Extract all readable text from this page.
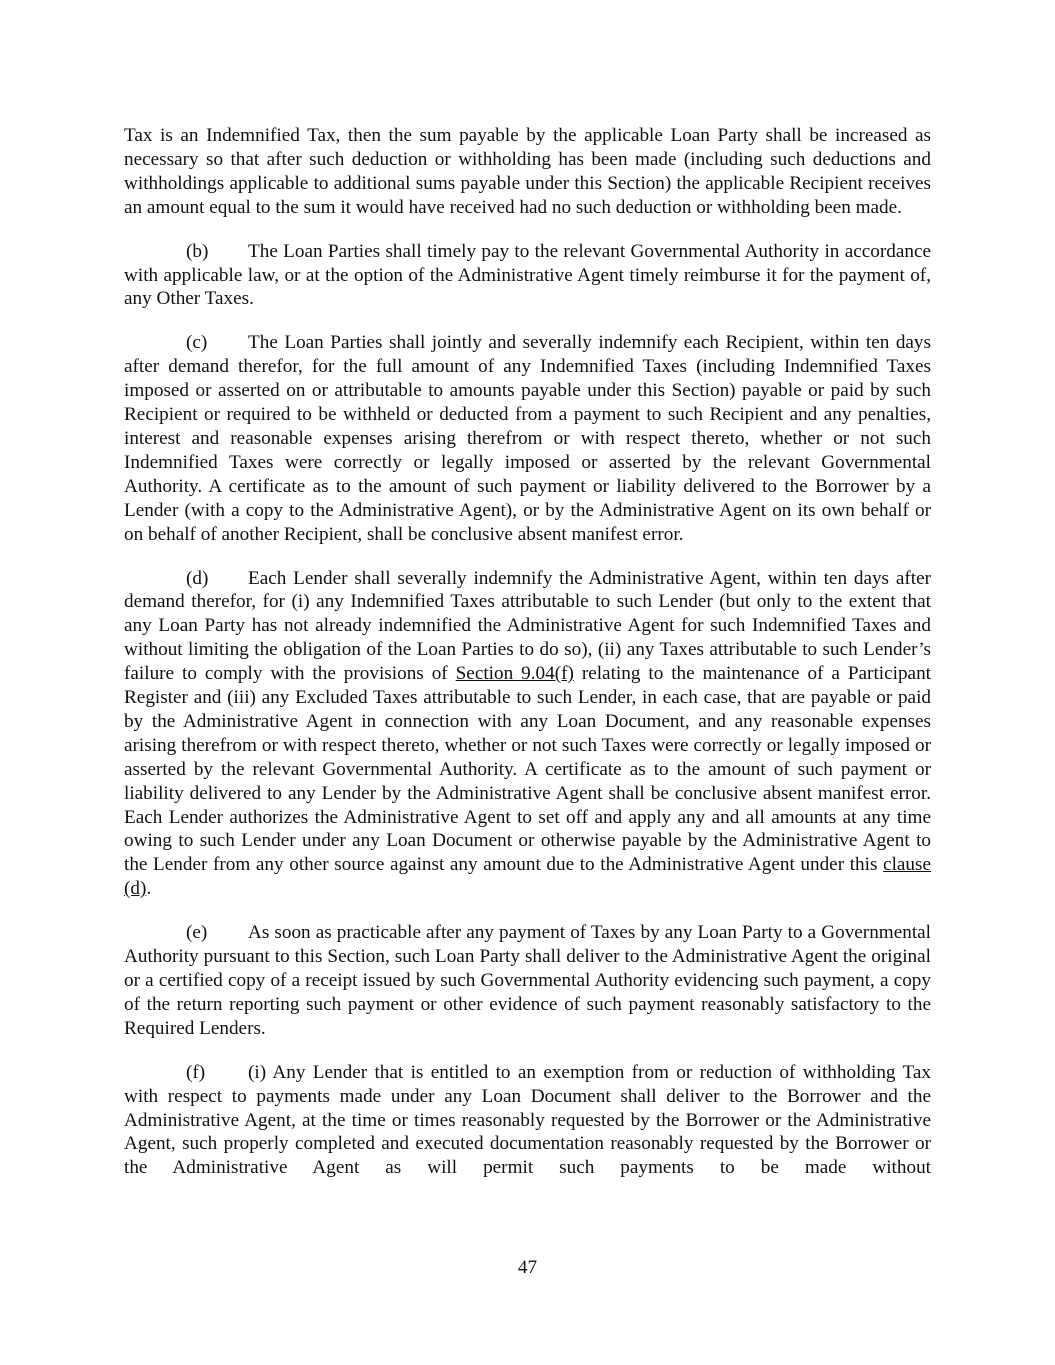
Tax is an Indemnified Tax, then the sum payable by the applicable Loan Party shall be increased as necessary so that after such deduction or withholding has been made (including such deductions and withholdings applicable to additional sums payable under this Section) the applicable Recipient receives an amount equal to the sum it would have received had no such deduction or withholding been made.

(b) The Loan Parties shall timely pay to the relevant Governmental Authority in accordance with applicable law, or at the option of the Administrative Agent timely reimburse it for the payment of, any Other Taxes.

(c) The Loan Parties shall jointly and severally indemnify each Recipient, within ten days after demand therefor, for the full amount of any Indemnified Taxes (including Indemnified Taxes imposed or asserted on or attributable to amounts payable under this Section) payable or paid by such Recipient or required to be withheld or deducted from a payment to such Recipient and any penalties, interest and reasonable expenses arising therefrom or with respect thereto, whether or not such Indemnified Taxes were correctly or legally imposed or asserted by the relevant Governmental Authority. A certificate as to the amount of such payment or liability delivered to the Borrower by a Lender (with a copy to the Administrative Agent), or by the Administrative Agent on its own behalf or on behalf of another Recipient, shall be conclusive absent manifest error.

(d) Each Lender shall severally indemnify the Administrative Agent, within ten days after demand therefor, for (i) any Indemnified Taxes attributable to such Lender (but only to the extent that any Loan Party has not already indemnified the Administrative Agent for such Indemnified Taxes and without limiting the obligation of the Loan Parties to do so), (ii) any Taxes attributable to such Lender’s failure to comply with the provisions of Section 9.04(f) relating to the maintenance of a Participant Register and (iii) any Excluded Taxes attributable to such Lender, in each case, that are payable or paid by the Administrative Agent in connection with any Loan Document, and any reasonable expenses arising therefrom or with respect thereto, whether or not such Taxes were correctly or legally imposed or asserted by the relevant Governmental Authority. A certificate as to the amount of such payment or liability delivered to any Lender by the Administrative Agent shall be conclusive absent manifest error. Each Lender authorizes the Administrative Agent to set off and apply any and all amounts at any time owing to such Lender under any Loan Document or otherwise payable by the Administrative Agent to the Lender from any other source against any amount due to the Administrative Agent under this clause (d).

(e) As soon as practicable after any payment of Taxes by any Loan Party to a Governmental Authority pursuant to this Section, such Loan Party shall deliver to the Administrative Agent the original or a certified copy of a receipt issued by such Governmental Authority evidencing such payment, a copy of the return reporting such payment or other evidence of such payment reasonably satisfactory to the Required Lenders.

(f) (i) Any Lender that is entitled to an exemption from or reduction of withholding Tax with respect to payments made under any Loan Document shall deliver to the Borrower and the Administrative Agent, at the time or times reasonably requested by the Borrower or the Administrative Agent, such properly completed and executed documentation reasonably requested by the Borrower or the Administrative Agent as will permit such payments to be made without

47
